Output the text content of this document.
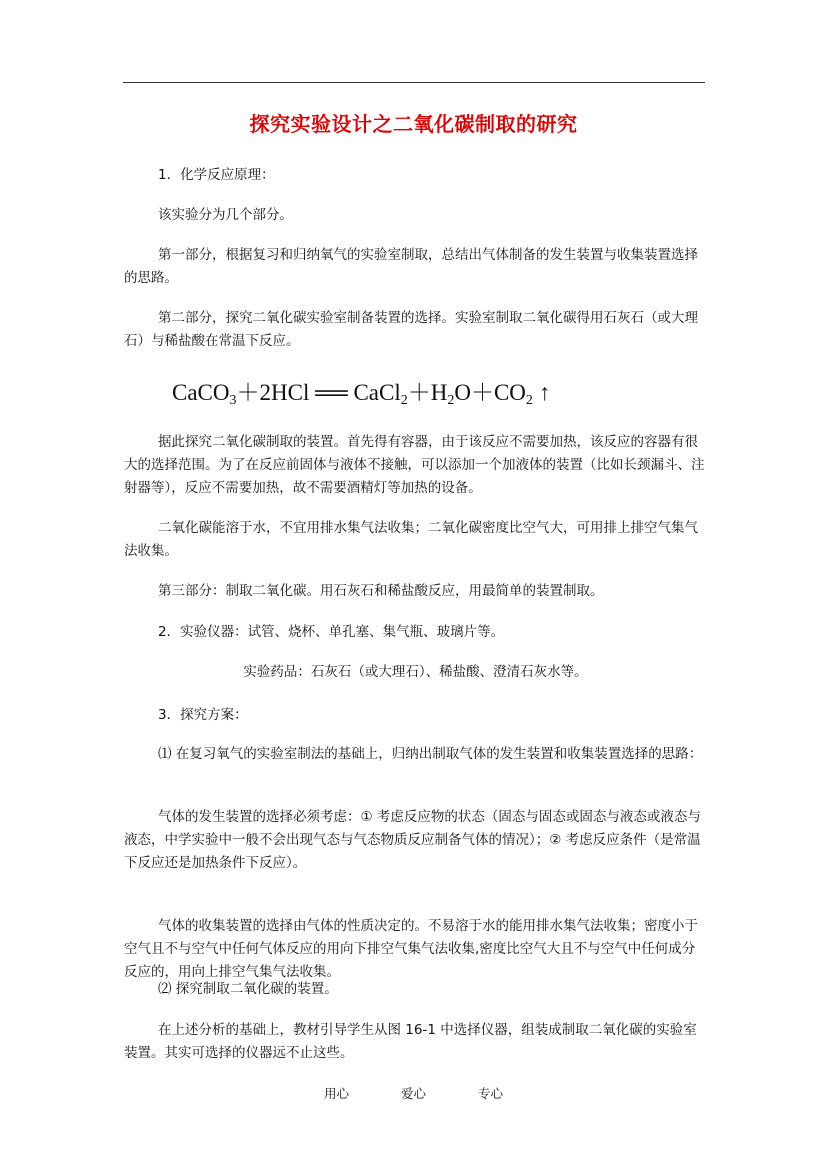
探究实验设计之二氧化碳制取的研究

1．化学反应原理：

该实验分为几个部分。

第一部分，根据复习和归纳氧气的实验室制取，总结出气体制备的发生装置与收集装置选择的思路。

第二部分，探究二氧化碳实验室制备装置的选择。实验室制取二氧化碳得用石灰石（或大理石）与稀盐酸在常温下反应。

CaCO$_3$＋2HCl ══ $CaCl_2+H_2O+CO_2$ ↑

据此探究二氧化碳制取的装置。首先得有容器，由于该反应不需要加热，该反应的容器有很大的选择范围。为了在反应前固体与液体不接触，可以添加一个加液体的装置（比如长颈漏斗、注射器等），反应不需要加热，故不需要酒精灯等加热的设备。

二氧化碳能溶于水，不宜用排水集气法收集；二氧化碳密度比空气大，可用排上排空气集气法收集。

第三部分：制取二氧化碳。用石灰石和稀盐酸反应，用最简单的装置制取。

2．实验仪器：试管、烧杯、单孔塞、集气瓶、玻璃片等。

实验药品：石灰石（或大理石）、稀盐酸、澄清石灰水等。

3．探究方案：

⑴ 在复习氧气的实验室制法的基础上，归纳出制取气体的发生装置和收集装置选择的思路：

气体的发生装置的选择必须考虑：① 考虑反应物的状态（固态与固态或固态与液态或液态与液态，中学实验中一般不会出现气态与气态物质反应制备气体的情况）；② 考虑反应条件（是常温下反应还是加热条件下反应）。

气体的收集装置的选择由气体的性质决定的。不易溶于水的能用排水集气法收集；密度小于空气且不与空气中任何气体反应的用向下排空气集气法收集,密度比空气大且不与空气中任何成分反应的，用向上排空气集气法收集。

⑵ 探究制取二氧化碳的装置。

在上述分析的基础上，教材引导学生从图 16-1 中选择仪器，组装成制取二氧化碳的实验室装置。其实可选择的仪器远不止这些。

用心	爱心	专心
